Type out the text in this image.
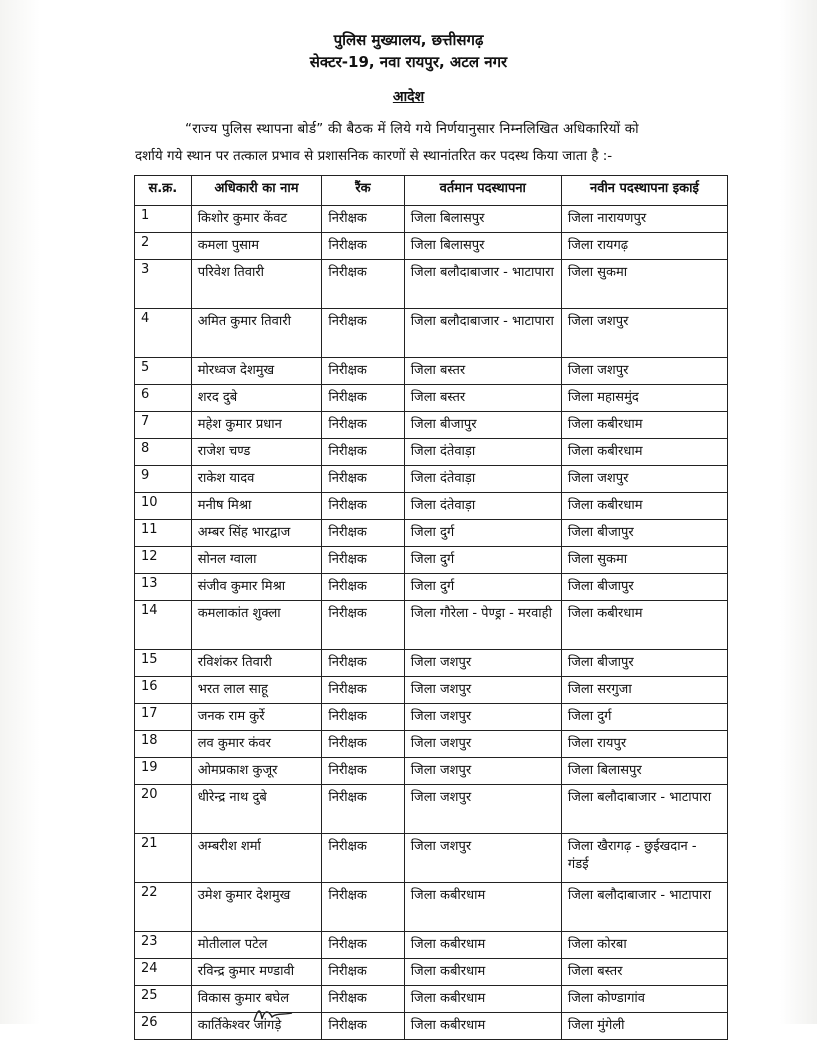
पुलिस मुख्यालय, छत्तीसगढ़
सेक्टर-19, नवा रायपुर, अटल नगर
आदेश
“राज्य पुलिस स्थापना बोर्ड” की बैठक में लिये गये निर्णयानुसार निम्नलिखित अधिकारियों को
दर्शाये गये स्थान पर तत्काल प्रभाव से प्रशासनिक कारणों से स्थानांतरित कर पदस्थ किया जाता है :-
स.क्र.	अधिकारी का नाम	रैंक	वर्तमान पदस्थापना	नवीन पदस्थापना इकाई
1	किशोर कुमार केंवट	निरीक्षक	जिला बिलासपुर	जिला नारायणपुर
2	कमला पुसाम	निरीक्षक	जिला बिलासपुर	जिला रायगढ़
3	परिवेश तिवारी	निरीक्षक	जिला बलौदाबाजार - भाटापारा	जिला सुकमा
4	अमित कुमार तिवारी	निरीक्षक	जिला बलौदाबाजार - भाटापारा	जिला जशपुर
5	मोरध्वज देशमुख	निरीक्षक	जिला बस्तर	जिला जशपुर
6	शरद दुबे	निरीक्षक	जिला बस्तर	जिला महासमुंद
7	महेश कुमार प्रधान	निरीक्षक	जिला बीजापुर	जिला कबीरधाम
8	राजेश चण्ड	निरीक्षक	जिला दंतेवाड़ा	जिला कबीरधाम
9	राकेश यादव	निरीक्षक	जिला दंतेवाड़ा	जिला जशपुर
10	मनीष मिश्रा	निरीक्षक	जिला दंतेवाड़ा	जिला कबीरधाम
11	अम्बर सिंह भारद्वाज	निरीक्षक	जिला दुर्ग	जिला बीजापुर
12	सोनल ग्वाला	निरीक्षक	जिला दुर्ग	जिला सुकमा
13	संजीव कुमार मिश्रा	निरीक्षक	जिला दुर्ग	जिला बीजापुर
14	कमलाकांत शुक्ला	निरीक्षक	जिला गौरेला - पेण्ड्रा - मरवाही	जिला कबीरधाम
15	रविशंकर तिवारी	निरीक्षक	जिला जशपुर	जिला बीजापुर
16	भरत लाल साहू	निरीक्षक	जिला जशपुर	जिला सरगुजा
17	जनक राम कुर्रे	निरीक्षक	जिला जशपुर	जिला दुर्ग
18	लव कुमार कंवर	निरीक्षक	जिला जशपुर	जिला रायपुर
19	ओमप्रकाश कुजूर	निरीक्षक	जिला जशपुर	जिला बिलासपुर
20	धीरेन्द्र नाथ दुबे	निरीक्षक	जिला जशपुर	जिला बलौदाबाजार - भाटापारा
21	अम्बरीश शर्मा	निरीक्षक	जिला जशपुर	जिला खैरागढ़ - छुईखदान - गंडई
22	उमेश कुमार देशमुख	निरीक्षक	जिला कबीरधाम	जिला बलौदाबाजार - भाटापारा
23	मोतीलाल पटेल	निरीक्षक	जिला कबीरधाम	जिला कोरबा
24	रविन्द्र कुमार मण्डावी	निरीक्षक	जिला कबीरधाम	जिला बस्तर
25	विकास कुमार बघेल	निरीक्षक	जिला कबीरधाम	जिला कोण्डागांव
26	कार्तिकेश्वर जांगड़े	निरीक्षक	जिला कबीरधाम	जिला मुंगेली
